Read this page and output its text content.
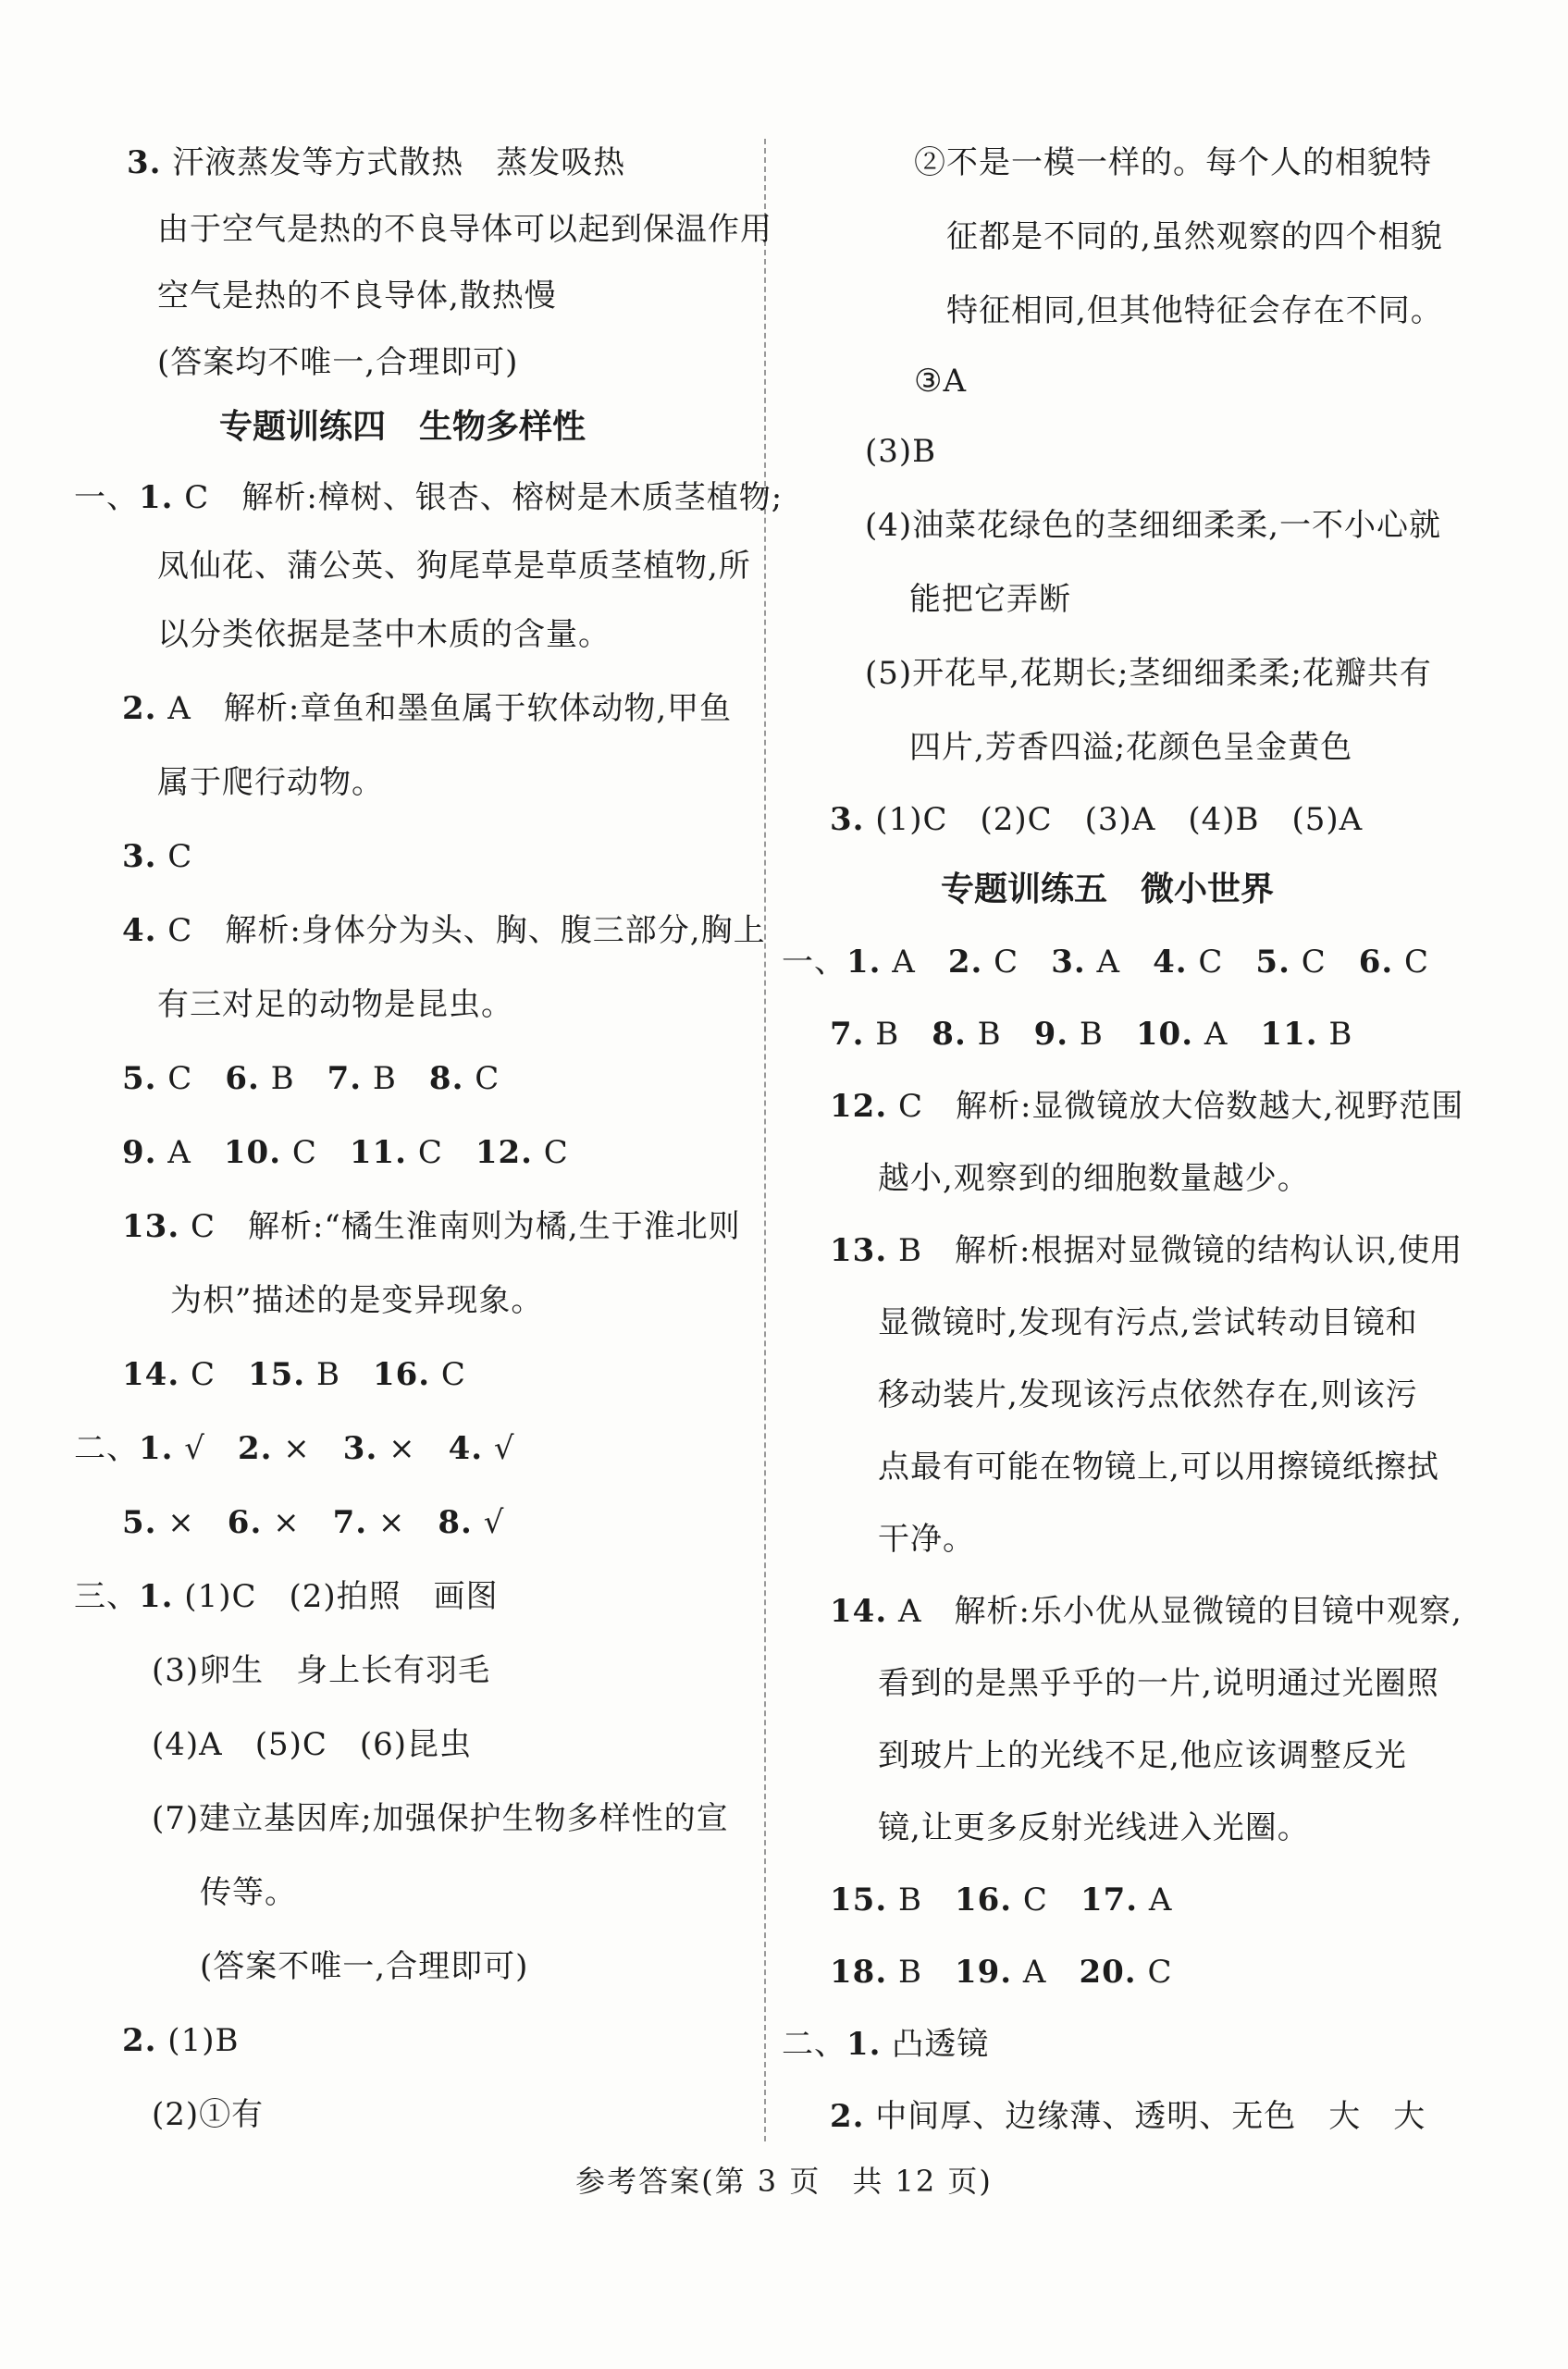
3. 汗液蒸发等方式散热　蒸发吸热
由于空气是热的不良导体可以起到保温作用
空气是热的不良导体,散热慢
(答案均不唯一,合理即可)
专题训练四　生物多样性
一、1. C　解析:樟树、银杏、榕树是木质茎植物;
凤仙花、蒲公英、狗尾草是草质茎植物,所
以分类依据是茎中木质的含量。
2. A　解析:章鱼和墨鱼属于软体动物,甲鱼
属于爬行动物。
3. C
4. C　解析:身体分为头、胸、腹三部分,胸上
有三对足的动物是昆虫。
5. C　6. B　7. B　8. C
9. A　10. C　11. C　12. C
13. C　解析:“橘生淮南则为橘,生于淮北则
为枳”描述的是变异现象。
14. C　15. B　16. C
二、1. √　2. ×　3. ×　4. √
5. ×　6. ×　7. ×　8. √
三、1. (1)C　(2)拍照　画图
(3)卵生　身上长有羽毛
(4)A　(5)C　(6)昆虫
(7)建立基因库;加强保护生物多样性的宣
传等。
(答案不唯一,合理即可)
2. (1)B
(2)①有
②不是一模一样的。每个人的相貌特
征都是不同的,虽然观察的四个相貌
特征相同,但其他特征会存在不同。
③A
(3)B
(4)油菜花绿色的茎细细柔柔,一不小心就
能把它弄断
(5)开花早,花期长;茎细细柔柔;花瓣共有
四片,芳香四溢;花颜色呈金黄色
3. (1)C　(2)C　(3)A　(4)B　(5)A
专题训练五　微小世界
一、1. A　2. C　3. A　4. C　5. C　6. C
7. B　8. B　9. B　10. A　11. B
12. C　解析:显微镜放大倍数越大,视野范围
越小,观察到的细胞数量越少。
13. B　解析:根据对显微镜的结构认识,使用
显微镜时,发现有污点,尝试转动目镜和
移动装片,发现该污点依然存在,则该污
点最有可能在物镜上,可以用擦镜纸擦拭
干净。
14. A　解析:乐小优从显微镜的目镜中观察,
看到的是黑乎乎的一片,说明通过光圈照
到玻片上的光线不足,他应该调整反光
镜,让更多反射光线进入光圈。
15. B　16. C　17. A
18. B　19. A　20. C
二、1. 凸透镜
2. 中间厚、边缘薄、透明、无色　大　大
参考答案(第 3 页　共 12 页)
